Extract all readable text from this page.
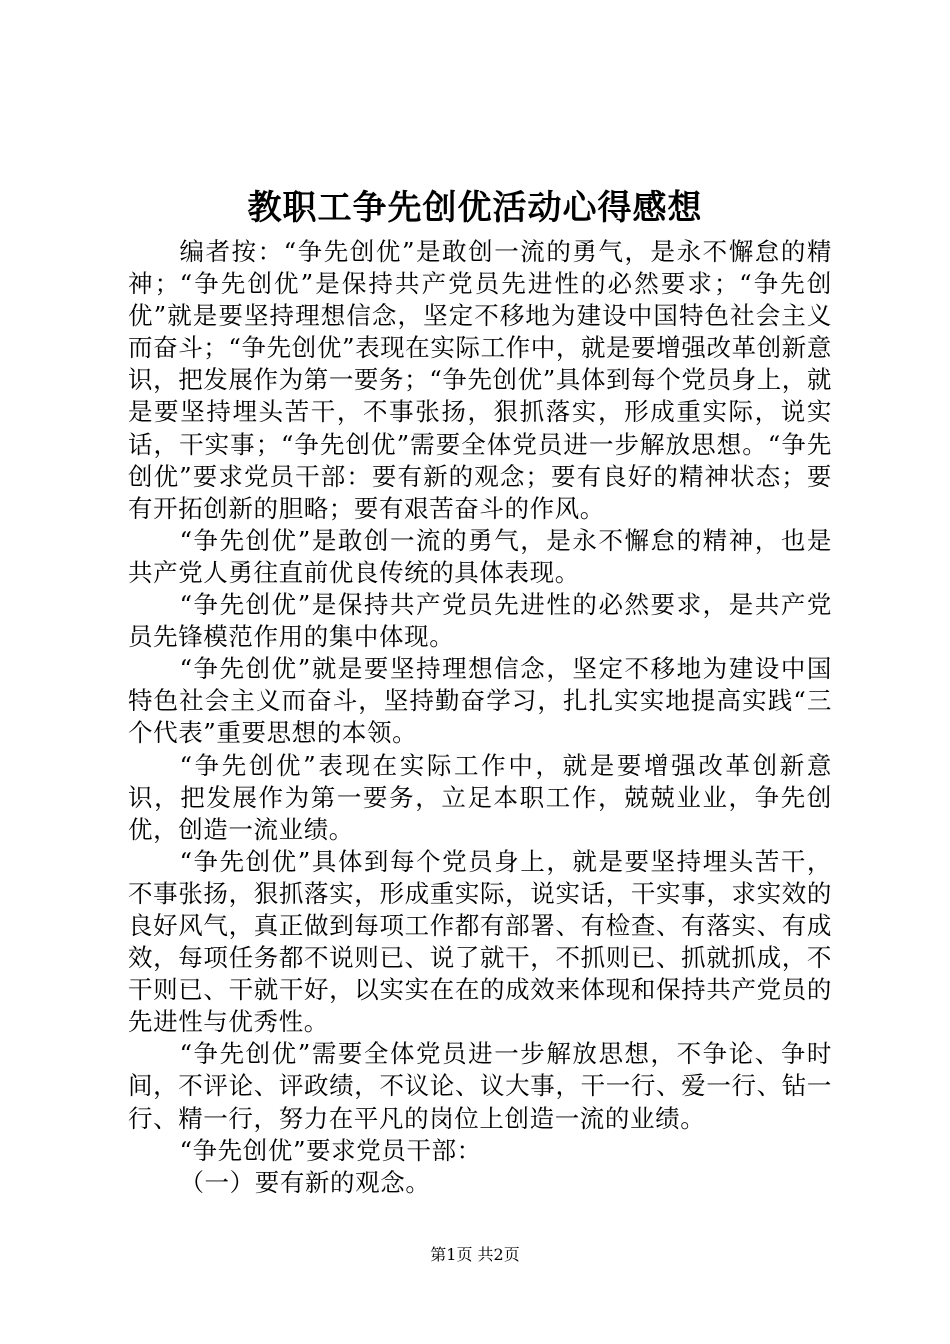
教职工争先创优活动心得感想

编者按：“争先创优”是敢创一流的勇气，是永不懈怠的精神；“争先创优”是保持共产党员先进性的必然要求；“争先创优”就是要坚持理想信念，坚定不移地为建设中国特色社会主义而奋斗；“争先创优”表现在实际工作中，就是要增强改革创新意识，把发展作为第一要务；“争先创优”具体到每个党员身上，就是要坚持埋头苦干，不事张扬，狠抓落实，形成重实际，说实话，干实事；“争先创优”需要全体党员进一步解放思想。“争先创优”要求党员干部：要有新的观念；要有良好的精神状态；要有开拓创新的胆略；要有艰苦奋斗的作风。

“争先创优”是敢创一流的勇气，是永不懈怠的精神，也是共产党人勇往直前优良传统的具体表现。

“争先创优”是保持共产党员先进性的必然要求，是共产党员先锋模范作用的集中体现。

“争先创优”就是要坚持理想信念，坚定不移地为建设中国特色社会主义而奋斗，坚持勤奋学习，扎扎实实地提高实践“三个代表”重要思想的本领。

“争先创优”表现在实际工作中，就是要增强改革创新意识，把发展作为第一要务，立足本职工作，兢兢业业，争先创优，创造一流业绩。

“争先创优”具体到每个党员身上，就是要坚持埋头苦干，不事张扬，狠抓落实，形成重实际，说实话，干实事，求实效的良好风气，真正做到每项工作都有部署、有检查、有落实、有成效，每项任务都不说则已、说了就干，不抓则已、抓就抓成，不干则已、干就干好，以实实在在的成效来体现和保持共产党员的先进性与优秀性。

“争先创优”需要全体党员进一步解放思想，不争论、争时间，不评论、评政绩，不议论、议大事，干一行、爱一行、钻一行、精一行，努力在平凡的岗位上创造一流的业绩。

“争先创优”要求党员干部：

（一）要有新的观念。

第1页 共2页
